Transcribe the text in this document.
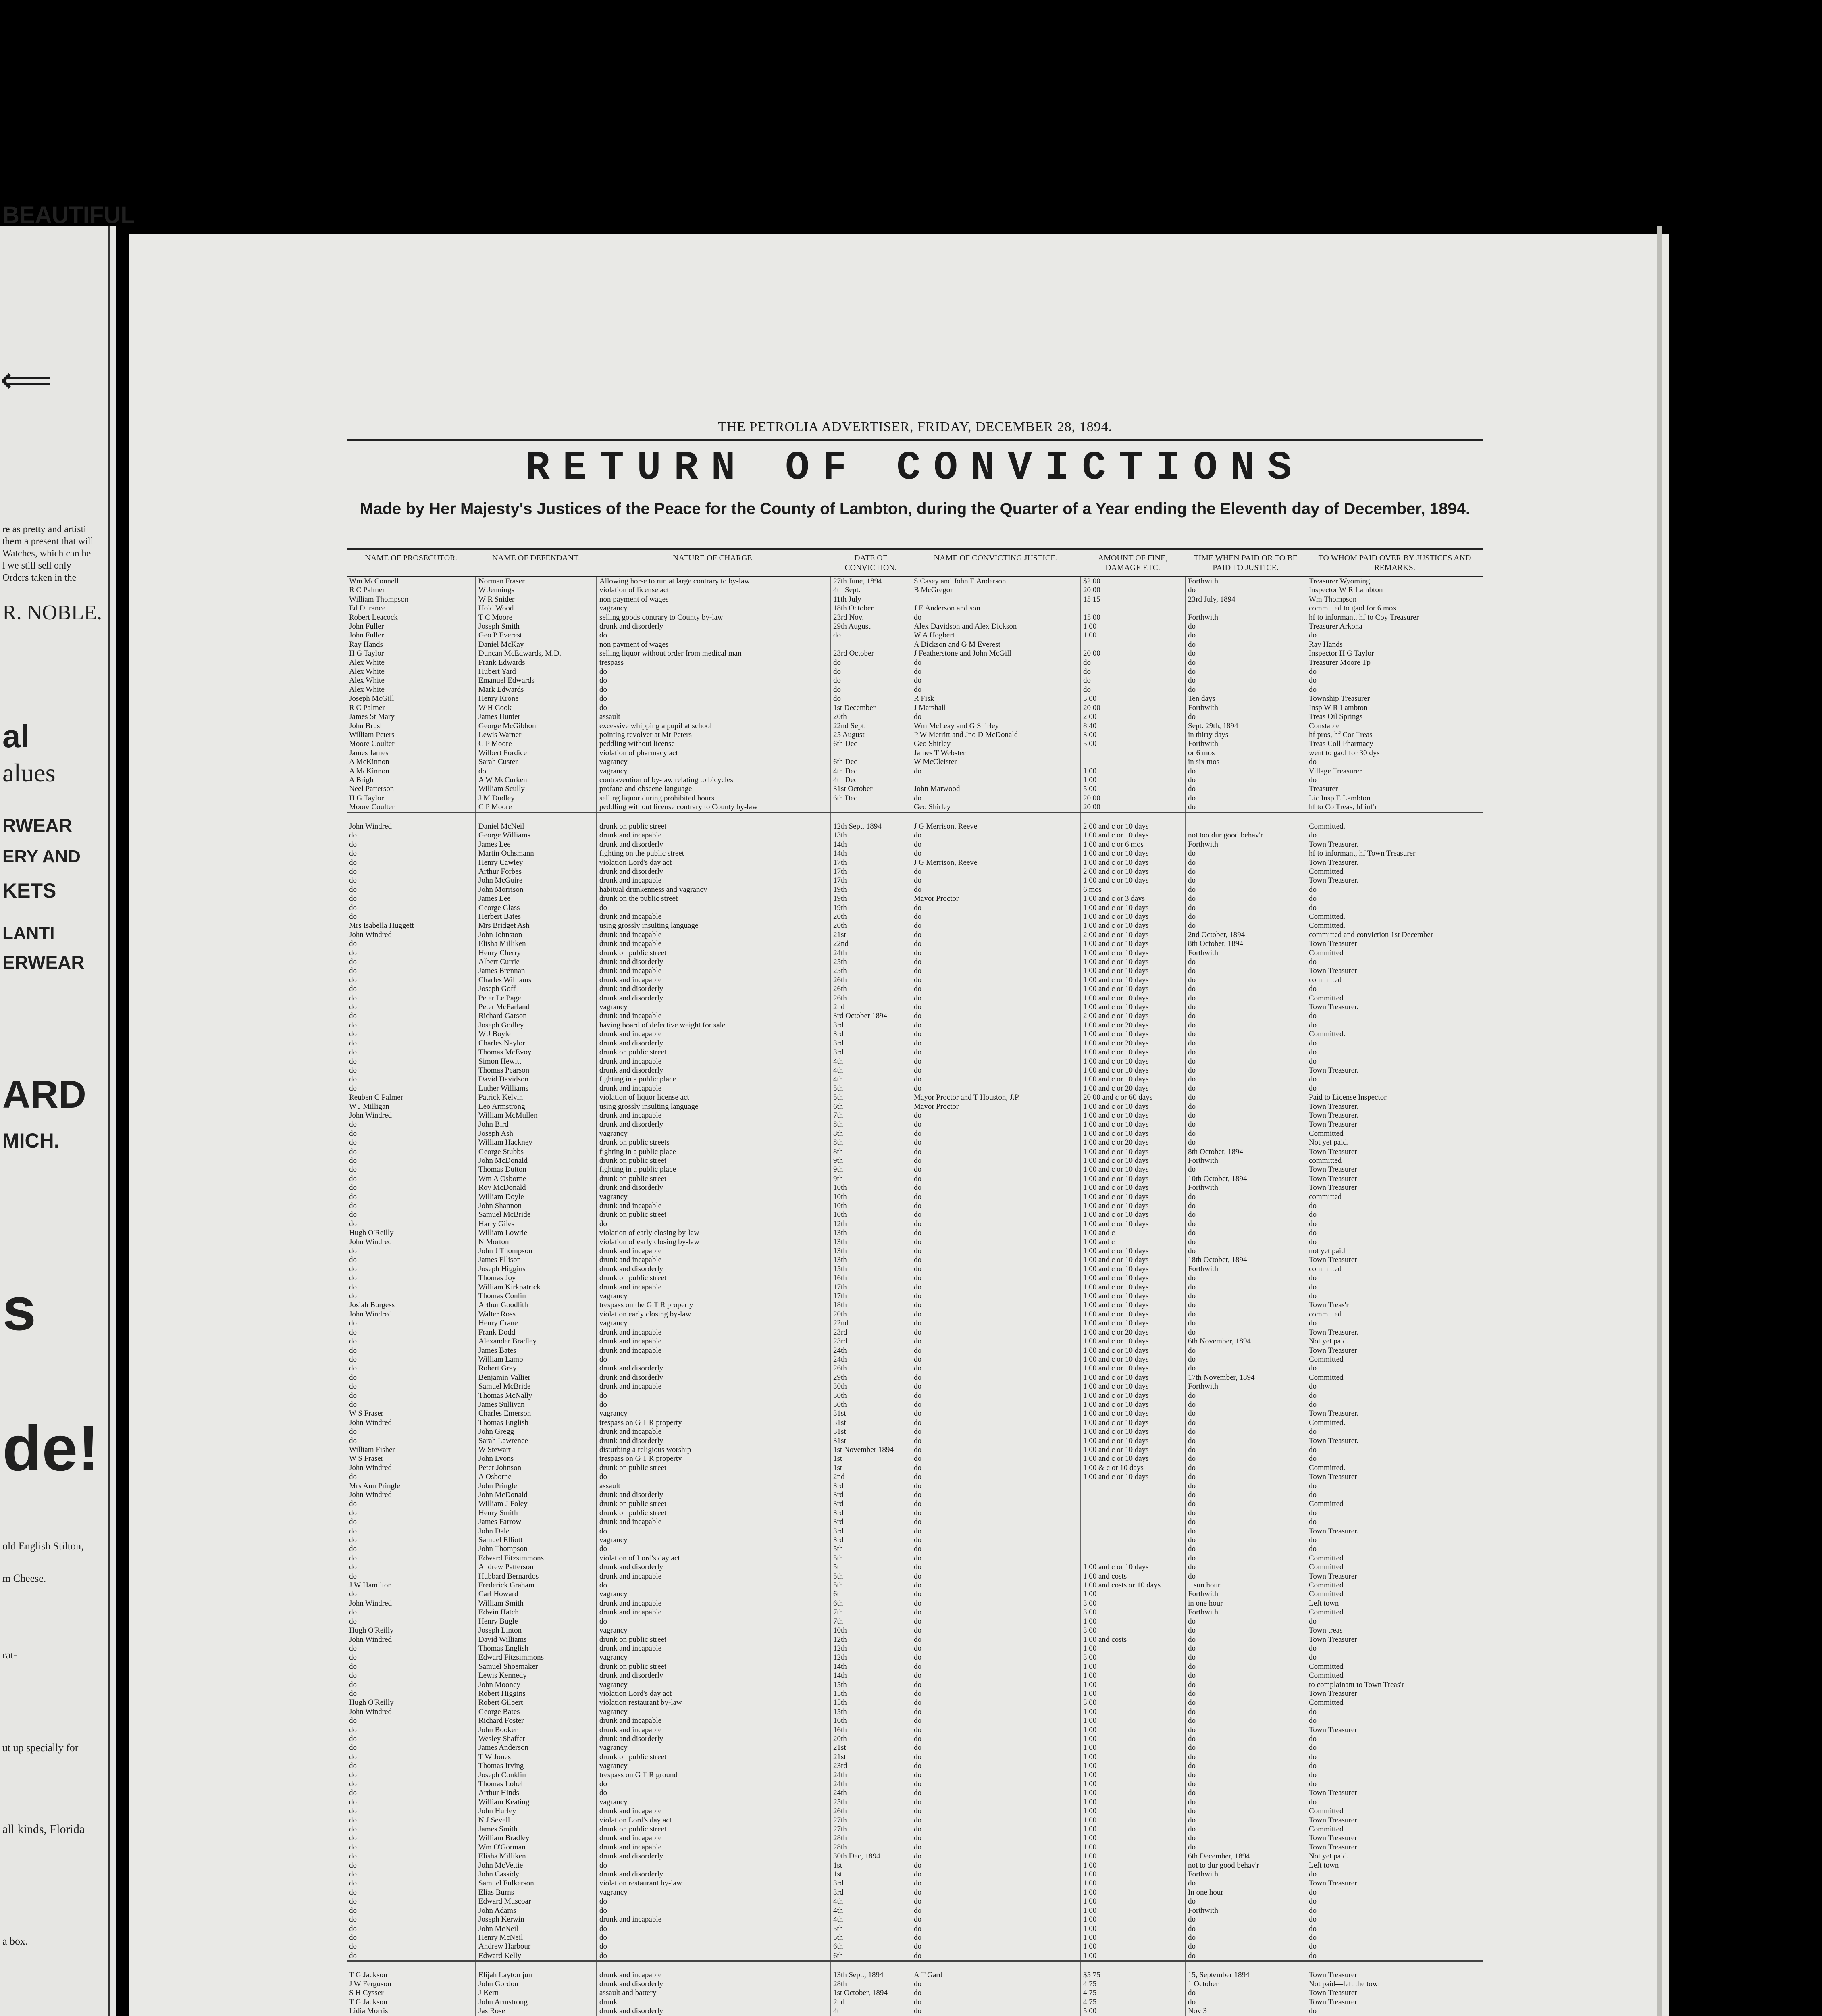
⟸
BEAUTIFUL
re as pretty and artisti
them a present that will
Watches, which can be
l we still sell only
Orders taken in the
R. NOBLE.
al
alues
RWEAR
ERY AND
KETS
LANTI
ERWEAR
ARD
MICH.
s
de!
old English Stilton,
m Cheese.
rat-
ut up specially for
all kinds, Florida
a box.
THE PETROLIA ADVERTISER, FRIDAY, DECEMBER 28, 1894.
RETURN OF CONVICTIONS
Made by Her Majesty's Justices of the Peace for the County of Lambton, during the Quarter of a Year ending the Eleventh day of December, 1894.
NAME OF PROSECUTOR.	NAME OF DEFENDANT.	NATURE OF CHARGE.	DATE OF CONVICTION.	NAME OF CONVICTING JUSTICE.	AMOUNT OF FINE, DAMAGE ETC.	TIME WHEN PAID OR TO BE PAID TO JUSTICE.	TO WHOM PAID OVER BY JUSTICES AND REMARKS.
Wm McConnell	Norman Fraser	Allowing horse to run at large contrary to by-law	27th June, 1894	S Casey and John E Anderson	$2 00	Forthwith	Treasurer Wyoming
R C Palmer	W Jennings	violation of license act	4th Sept.	B McGregor	20 00	do	Inspector W R Lambton
William Thompson	W R Snider	non payment of wages	11th July		15 15	23rd July, 1894	Wm Thompson
Ed Durance	Hold Wood	vagrancy	18th October	J E Anderson and son			committed to gaol for 6 mos
Robert Leacock	T C Moore	selling goods contrary to County by-law	23rd Nov.	do	15 00	Forthwith	hf to informant, hf to Coy Treasurer
John Fuller	Joseph Smith	drunk and disorderly	29th August	Alex Davidson and Alex Dickson	1 00	do	Treasurer Arkona
John Fuller	Geo P Everest	do	do	W A Hogbert	1 00	do	do
Ray Hands	Daniel McKay	non payment of wages		A Dickson and G M Everest		do	Ray Hands
H G Taylor	Duncan McEdwards, M.D.	selling liquor without order from medical man	23rd October	J Featherstone and John McGill	20 00	do	Inspector H G Taylor
Alex White	Frank Edwards	trespass	do	do	do	do	Treasurer Moore Tp
Alex White	Hubert Yard	do	do	do	do	do	do
Alex White	Emanuel Edwards	do	do	do	do	do	do
Alex White	Mark Edwards	do	do	do	do	do	do
Joseph McGill	Henry Krone	do	do	R Fisk	3 00	Ten days	Township Treasurer
R C Palmer	W H Cook	do	1st December	J Marshall	20 00	Forthwith	Insp W R Lambton
James St Mary	James Hunter	assault	20th	do	2 00	do	Treas Oil Springs
John Brush	George McGibbon	excessive whipping a pupil at school	22nd Sept.	Wm McLeay and G Shirley	8 40	Sept. 29th, 1894	Constable
William Peters	Lewis Warner	pointing revolver at Mr Peters	25 August	P W Merritt and Jno D McDonald	3 00	in thirty days	hf pros, hf Cor Treas
Moore Coulter	C P Moore	peddling without license	6th Dec	Geo Shirley	5 00	Forthwith	Treas Coll Pharmacy
James James	Wilbert Fordice	violation of pharmacy act		James T Webster		or 6 mos	went to gaol for 30 dys
A McKinnon	Sarah Custer	vagrancy	6th Dec	W McCleister		in six mos	do
A McKinnon	do	vagrancy	4th Dec	do	1 00	do	Village Treasurer
A Brigh	A W McCurken	contravention of by-law relating to bicycles	4th Dec		1 00	do	do
Neel Patterson	William Scully	profane and obscene language	31st October	John Marwood	5 00	do	Treasurer
H G Taylor	J M Dudley	selling liquor during prohibited hours	6th Dec	do	20 00	do	Lic Insp E Lambton
Moore Coulter	C P Moore	peddling without license contrary to County by-law		Geo Shirley	20 00	do	hf to Co Treas, hf inf'r

John Windred	Daniel McNeil	drunk on public street	12th Sept, 1894	J G Merrison, Reeve	2 00 and c or 10 days		Committed.
do	George Williams	drunk and incapable	13th	do	1 00 and c or 10 days	not too dur good behav'r	do
do	James Lee	drunk and disorderly	14th	do	1 00 and c or 6 mos	Forthwith	Town Treasurer.
do	Martin Ochsmann	fighting on the public street	14th	do	1 00 and c or 10 days	do	hf to informant, hf Town Treasurer
do	Henry Cawley	violation Lord's day act	17th	J G Merrison, Reeve	1 00 and c or 10 days	do	Town Treasurer.
do	Arthur Forbes	drunk and disorderly	17th	do	2 00 and c or 10 days	do	Committed
do	John McGuire	drunk and incapable	17th	do	1 00 and c or 10 days	do	Town Treasurer.
do	John Morrison	habitual drunkenness and vagrancy	19th	do	6 mos	do	do
do	James Lee	drunk on the public street	19th	Mayor Proctor	1 00 and c or 3 days	do	do
do	George Glass	do	19th	do	1 00 and c or 10 days	do	do
do	Herbert Bates	drunk and incapable	20th	do	1 00 and c or 10 days	do	Committed.
Mrs Isabella Huggett	Mrs Bridget Ash	using grossly insulting language	20th	do	1 00 and c or 10 days	do	Committed.
John Windred	John Johnston	drunk and incapable	21st	do	2 00 and c or 10 days	2nd October, 1894	committed and conviction 1st December
do	Elisha Milliken	drunk and incapable	22nd	do	1 00 and c or 10 days	8th October, 1894	Town Treasurer
do	Henry Cherry	drunk on public street	24th	do	1 00 and c or 10 days	Forthwith	Committed
do	Albert Currie	drunk and disorderly	25th	do	1 00 and c or 10 days	do	do
do	James Brennan	drunk and incapable	25th	do	1 00 and c or 10 days	do	Town Treasurer
do	Charles Williams	drunk and incapable	26th	do	1 00 and c or 10 days	do	committed
do	Joseph Goff	drunk and disorderly	26th	do	1 00 and c or 10 days	do	do
do	Peter Le Page	drunk and disorderly	26th	do	1 00 and c or 10 days	do	Committed
do	Peter McFarland	vagrancy	2nd	do	1 00 and c or 10 days	do	Town Treasurer.
do	Richard Garson	drunk and incapable	3rd October 1894	do	2 00 and c or 10 days	do	do
do	Joseph Godley	having board of defective weight for sale	3rd	do	1 00 and c or 20 days	do	do
do	W J Boyle	drunk and incapable	3rd	do	1 00 and c or 10 days	do	Committed.
do	Charles Naylor	drunk and disorderly	3rd	do	1 00 and c or 20 days	do	do
do	Thomas McEvoy	drunk on public street	3rd	do	1 00 and c or 10 days	do	do
do	Simon Hewitt	drunk and incapable	4th	do	1 00 and c or 10 days	do	do
do	Thomas Pearson	drunk and disorderly	4th	do	1 00 and c or 10 days	do	Town Treasurer.
do	David Davidson	fighting in a public place	4th	do	1 00 and c or 10 days	do	do
do	Luther Williams	drunk and incapable	5th	do	1 00 and c or 20 days	do	do
Reuben C Palmer	Patrick Kelvin	violation of liquor license act	5th	Mayor Proctor and T Houston, J.P.	20 00 and c or 60 days	do	Paid to License Inspector.
W J Milligan	Leo Armstrong	using grossly insulting language	6th	Mayor Proctor	1 00 and c or 10 days	do	Town Treasurer.
John Windred	William McMullen	drunk and incapable	7th	do	1 00 and c or 10 days	do	Town Treasurer.
do	John Bird	drunk and disorderly	8th	do	1 00 and c or 10 days	do	Town Treasurer
do	Joseph Ash	vagrancy	8th	do	1 00 and c or 10 days	do	Committed
do	William Hackney	drunk on public streets	8th	do	1 00 and c or 20 days	do	Not yet paid.
do	George Stubbs	fighting in a public place	8th	do	1 00 and c or 10 days	8th October, 1894	Town Treasurer
do	John McDonald	drunk on public street	9th	do	1 00 and c or 10 days	Forthwith	committed
do	Thomas Dutton	fighting in a public place	9th	do	1 00 and c or 10 days	do	Town Treasurer
do	Wm A Osborne	drunk on public street	9th	do	1 00 and c or 10 days	10th October, 1894	Town Treasurer
do	Roy McDonald	drunk and disorderly	10th	do	1 00 and c or 10 days	Forthwith	Town Treasurer
do	William Doyle	vagrancy	10th	do	1 00 and c or 10 days	do	committed
do	John Shannon	drunk and incapable	10th	do	1 00 and c or 10 days	do	do
do	Samuel McBride	drunk on public street	10th	do	1 00 and c or 10 days	do	do
do	Harry Giles	do	12th	do	1 00 and c or 10 days	do	do
Hugh O'Reilly	William Lowrie	violation of early closing by-law	13th	do	1 00 and c	do	do
John Windred	N Morton	violation of early closing by-law	13th	do	1 00 and c	do	do
do	John J Thompson	drunk and incapable	13th	do	1 00 and c or 10 days	do	not yet paid
do	James Ellison	drunk and incapable	13th	do	1 00 and c or 10 days	18th October, 1894	Town Treasurer
do	Joseph Higgins	drunk and disorderly	15th	do	1 00 and c or 10 days	Forthwith	committed
do	Thomas Joy	drunk on public street	16th	do	1 00 and c or 10 days	do	do
do	William Kirkpatrick	drunk and incapable	17th	do	1 00 and c or 10 days	do	do
do	Thomas Conlin	vagrancy	17th	do	1 00 and c or 10 days	do	do
Josiah Burgess	Arthur Goodlith	trespass on the G T R property	18th	do	1 00 and c or 10 days	do	Town Treas'r
John Windred	Walter Ross	violation early closing by-law	20th	do	1 00 and c or 10 days	do	committed
do	Henry Crane	vagrancy	22nd	do	1 00 and c or 10 days	do	do
do	Frank Dodd	drunk and incapable	23rd	do	1 00 and c or 20 days	do	Town Treasurer.
do	Alexander Bradley	drunk and incapable	23rd	do	1 00 and c or 10 days	6th November, 1894	Not yet paid.
do	James Bates	drunk and incapable	24th	do	1 00 and c or 10 days	do	Town Treasurer
do	William Lamb	do	24th	do	1 00 and c or 10 days	do	Committed
do	Robert Gray	drunk and disorderly	26th	do	1 00 and c or 10 days	do	do
do	Benjamin Vallier	drunk and disorderly	29th	do	1 00 and c or 10 days	17th November, 1894	Committed
do	Samuel McBride	drunk and incapable	30th	do	1 00 and c or 10 days	Forthwith	do
do	Thomas McNally	do	30th	do	1 00 and c or 10 days	do	do
do	James Sullivan	do	30th	do	1 00 and c or 10 days	do	do
W S Fraser	Charles Emerson	vagrancy	31st	do	1 00 and c or 10 days	do	Town Treasurer.
John Windred	Thomas English	trespass on G T R property	31st	do	1 00 and c or 10 days	do	Committed.
do	John Gregg	drunk and incapable	31st	do	1 00 and c or 10 days	do	do
do	Sarah Lawrence	drunk and disorderly	31st	do	1 00 and c or 10 days	do	Town Treasurer.
William Fisher	W Stewart	disturbing a religious worship	1st November 1894	do	1 00 and c or 10 days	do	do
W S Fraser	John Lyons	trespass on G T R property	1st	do	1 00 and c or 10 days	do	do
John Windred	Peter Johnson	drunk on public street	1st	do	1 00 & c or 10 days	do	Committed.
do	A Osborne	do	2nd	do	1 00 and c or 10 days	do	Town Treasurer
Mrs Ann Pringle	John Pringle	assault	3rd	do		do	do
John Windred	John McDonald	drunk and disorderly	3rd	do		do	do
do	William J Foley	drunk on public street	3rd	do		do	Committed
do	Henry Smith	drunk on public street	3rd	do		do	do
do	James Farrow	drunk and incapable	3rd	do		do	do
do	John Dale	do	3rd	do		do	Town Treasurer.
do	Samuel Elliott	vagrancy	3rd	do		do	do
do	John Thompson	do	5th	do		do	do
do	Edward Fitzsimmons	violation of Lord's day act	5th	do		do	Committed
do	Andrew Patterson	drunk and disorderly	5th	do	1 00 and c or 10 days	do	Committed
do	Hubbard Bernardos	drunk and incapable	5th	do	1 00 and costs	do	Town Treasurer
J W Hamilton	Frederick Graham	do	5th	do	1 00 and costs or 10 days	1 sun hour	Committed
do	Carl Howard	vagrancy	6th	do	1 00	Forthwith	Committed
John Windred	William Smith	drunk and incapable	6th	do	3 00	in one hour	Left town
do	Edwin Hatch	drunk and incapable	7th	do	3 00	Forthwith	Committed
do	Henry Bugle	do	7th	do	1 00	do	do
Hugh O'Reilly	Joseph Linton	vagrancy	10th	do	3 00	do	Town treas
John Windred	David Williams	drunk on public street	12th	do	1 00 and costs	do	Town Treasurer
do	Thomas English	drunk and incapable	12th	do	1 00	do	do
do	Edward Fitzsimmons	vagrancy	12th	do	3 00	do	do
do	Samuel Shoemaker	drunk on public street	14th	do	1 00	do	Committed
do	Lewis Kennedy	drunk and disorderly	14th	do	1 00	do	Committed
do	John Mooney	vagrancy	15th	do	1 00	do	to complainant to Town Treas'r
do	Robert Higgins	violation Lord's day act	15th	do	1 00	do	Town Treasurer
Hugh O'Reilly	Robert Gilbert	violation restaurant by-law	15th	do	3 00	do	Committed
John Windred	George Bates	vagrancy	15th	do	1 00	do	do
do	Richard Foster	drunk and incapable	16th	do	1 00	do	do
do	John Booker	drunk and incapable	16th	do	1 00	do	Town Treasurer
do	Wesley Shaffer	drunk and disorderly	20th	do	1 00	do	do
do	James Anderson	vagrancy	21st	do	1 00	do	do
do	T W Jones	drunk on public street	21st	do	1 00	do	do
do	Thomas Irving	vagrancy	23rd	do	1 00	do	do
do	Joseph Conklin	trespass on G T R ground	24th	do	1 00	do	do
do	Thomas Lobell	do	24th	do	1 00	do	do
do	Arthur Hinds	do	24th	do	1 00	do	Town Treasurer
do	William Keating	vagrancy	25th	do	1 00	do	do
do	John Hurley	drunk and incapable	26th	do	1 00	do	Committed
do	N J Sevell	violation Lord's day act	27th	do	1 00	do	Town Treasurer
do	James Smith	drunk on public street	27th	do	1 00	do	Committed
do	William Bradley	drunk and incapable	28th	do	1 00	do	Town Treasurer
do	Wm O'Gorman	drunk and incapable	28th	do	1 00	do	Town Treasurer
do	Elisha Milliken	drunk and disorderly	30th Dec, 1894	do	1 00	6th December, 1894	Not yet paid.
do	John McVettie	do	1st	do	1 00	not to dur good behav'r	Left town
do	John Cassidy	drunk and disorderly	1st	do	1 00	Forthwith	do
do	Samuel Fulkerson	violation restaurant by-law	3rd	do	1 00	do	Town Treasurer
do	Elias Burns	vagrancy	3rd	do	1 00	In one hour	do
do	Edward Muscoar	do	4th	do	1 00	do	do
do	John Adams	do	4th	do	1 00	Forthwith	do
do	Joseph Kerwin	drunk and incapable	4th	do	1 00	do	do
do	John McNeil	do	5th	do	1 00	do	do
do	Henry McNeil	do	5th	do	1 00	do	do
do	Andrew Harbour	do	6th	do	1 00	do	do
do	Edward Kelly	do	6th	do	1 00	do	do

T G Jackson	Elijah Layton jun	drunk and incapable	13th Sept., 1894	A T Gard	$5 75	15, September 1894	Town Treasurer
J W Ferguson	John Gordon	drunk and disorderly	28th	do	4 75	1 October	Not paid—left the town
S H Cysser	J Kern	assault and battery	1st October, 1894	do	4 75	do	Town Treasurer
T G Jackson	John Armstrong	drunk	2nd	do	4 75	do	Town Treasurer
Lidia Morris	Jas Rose	drunk and disorderly	4th	do	5 00	Nov 3	do
